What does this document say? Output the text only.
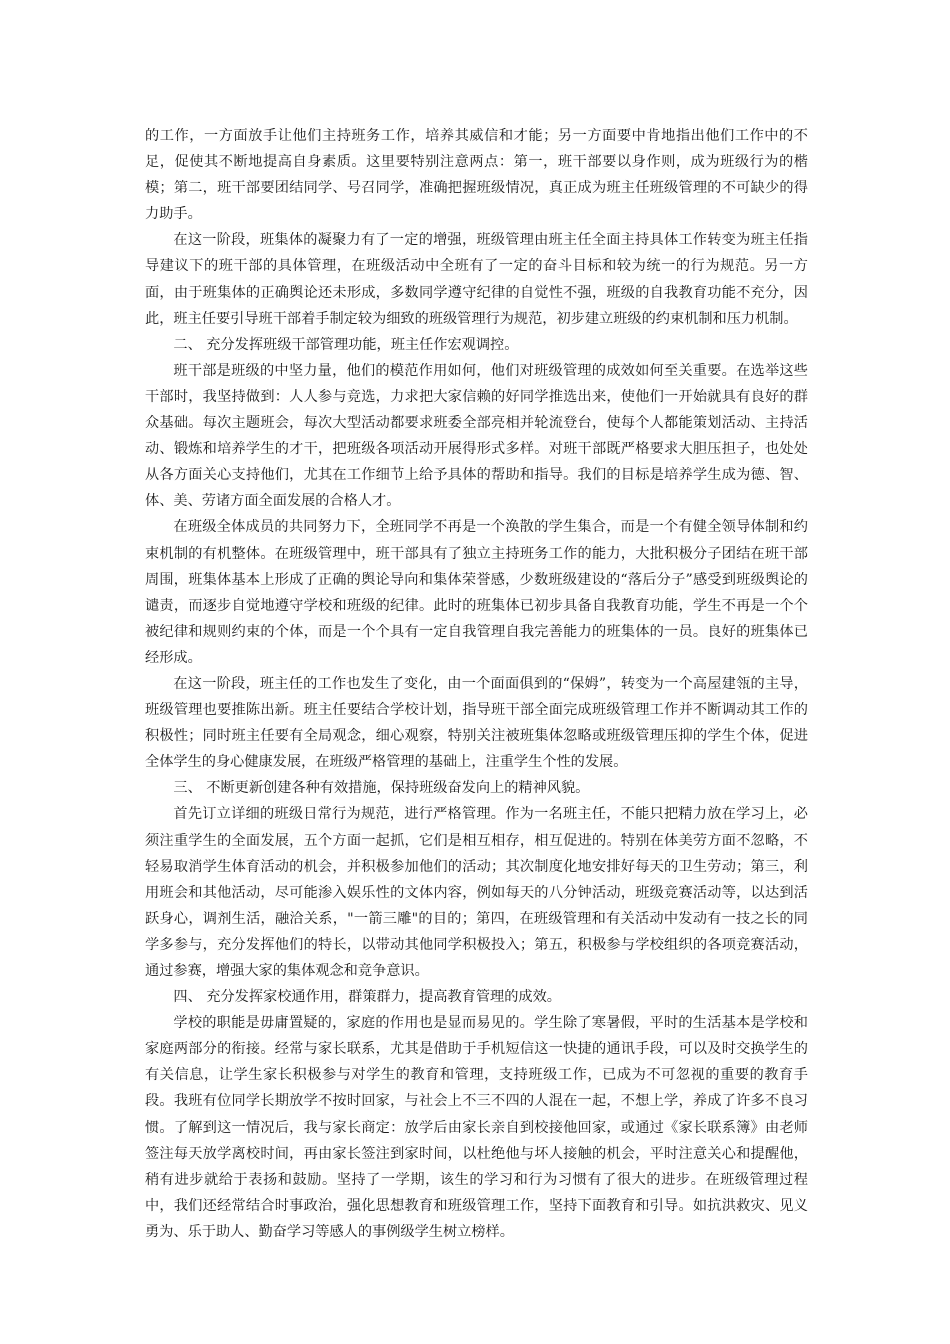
的工作，一方面放手让他们主持班务工作，培养其威信和才能；另一方面要中肯地指出他们工作中的不足，促使其不断地提高自身素质。这里要特别注意两点：第一，班干部要以身作则，成为班级行为的楷模；第二，班干部要团结同学、号召同学，准确把握班级情况，真正成为班主任班级管理的不可缺少的得力助手。

在这一阶段，班集体的凝聚力有了一定的增强，班级管理由班主任全面主持具体工作转变为班主任指导建议下的班干部的具体管理，在班级活动中全班有了一定的奋斗目标和较为统一的行为规范。另一方面，由于班集体的正确舆论还未形成，多数同学遵守纪律的自觉性不强，班级的自我教育功能不充分，因此，班主任要引导班干部着手制定较为细致的班级管理行为规范，初步建立班级的约束机制和压力机制。

二、 充分发挥班级干部管理功能，班主任作宏观调控。

班干部是班级的中坚力量，他们的模范作用如何，他们对班级管理的成效如何至关重要。在选举这些干部时，我坚持做到：人人参与竞选，力求把大家信赖的好同学推选出来，使他们一开始就具有良好的群众基础。每次主题班会，每次大型活动都要求班委全部亮相并轮流登台，使每个人都能策划活动、主持活动、锻炼和培养学生的才干，把班级各项活动开展得形式多样。对班干部既严格要求大胆压担子，也处处从各方面关心支持他们，尤其在工作细节上给予具体的帮助和指导。我们的目标是培养学生成为德、智、体、美、劳诸方面全面发展的合格人才。

在班级全体成员的共同努力下，全班同学不再是一个涣散的学生集合，而是一个有健全领导体制和约束机制的有机整体。在班级管理中，班干部具有了独立主持班务工作的能力，大批积极分子团结在班干部周围，班集体基本上形成了正确的舆论导向和集体荣誉感，少数班级建设的“落后分子”感受到班级舆论的谴责，而逐步自觉地遵守学校和班级的纪律。此时的班集体已初步具备自我教育功能，学生不再是一个个被纪律和规则约束的个体，而是一个个具有一定自我管理自我完善能力的班集体的一员。良好的班集体已经形成。

在这一阶段，班主任的工作也发生了变化，由一个面面俱到的“保姆”，转变为一个高屋建瓴的主导，班级管理也要推陈出新。班主任要结合学校计划，指导班干部全面完成班级管理工作并不断调动其工作的积极性；同时班主任要有全局观念，细心观察，特别关注被班集体忽略或班级管理压抑的学生个体，促进全体学生的身心健康发展，在班级严格管理的基础上，注重学生个性的发展。

三、 不断更新创建各种有效措施，保持班级奋发向上的精神风貌。

首先订立详细的班级日常行为规范，进行严格管理。作为一名班主任，不能只把精力放在学习上，必须注重学生的全面发展，五个方面一起抓，它们是相互相存，相互促进的。特别在体美劳方面不忽略，不轻易取消学生体育活动的机会，并积极参加他们的活动；其次制度化地安排好每天的卫生劳动；第三，利用班会和其他活动，尽可能渗入娱乐性的文体内容，例如每天的八分钟活动，班级竞赛活动等，以达到活跃身心，调剂生活，融洽关系，"一箭三雕"的目的；第四，在班级管理和有关活动中发动有一技之长的同学多参与，充分发挥他们的特长，以带动其他同学积极投入；第五，积极参与学校组织的各项竞赛活动，通过参赛，增强大家的集体观念和竞争意识。

四、 充分发挥家校通作用，群策群力，提高教育管理的成效。

学校的职能是毋庸置疑的，家庭的作用也是显而易见的。学生除了寒暑假，平时的生活基本是学校和家庭两部分的衔接。经常与家长联系，尤其是借助于手机短信这一快捷的通讯手段，可以及时交换学生的有关信息，让学生家长积极参与对学生的教育和管理，支持班级工作，已成为不可忽视的重要的教育手段。我班有位同学长期放学不按时回家，与社会上不三不四的人混在一起，不想上学，养成了许多不良习惯。了解到这一情况后，我与家长商定：放学后由家长亲自到校接他回家，或通过《家长联系簿》由老师签注每天放学离校时间，再由家长签注到家时间，以杜绝他与坏人接触的机会，平时注意关心和提醒他，稍有进步就给于表扬和鼓励。坚持了一学期，该生的学习和行为习惯有了很大的进步。在班级管理过程中，我们还经常结合时事政治，强化思想教育和班级管理工作，坚持下面教育和引导。如抗洪救灾、见义勇为、乐于助人、勤奋学习等感人的事例级学生树立榜样。
